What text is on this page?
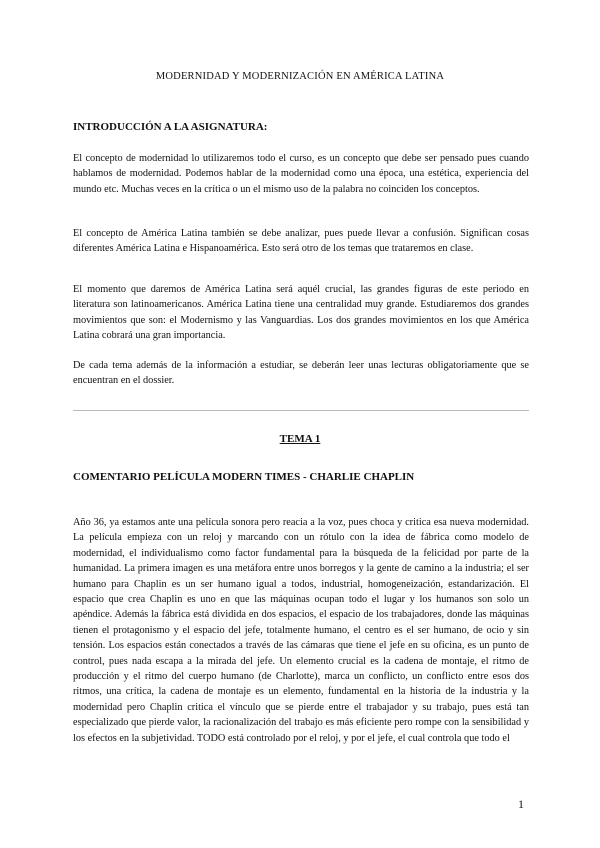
MODERNIDAD Y MODERNIZACIÓN EN AMÉRICA LATINA
INTRODUCCIÓN A LA ASIGNATURA:

El concepto de modernidad lo utilizaremos todo el curso, es un concepto que debe ser pensado pues cuando hablamos de modernidad. Podemos hablar de la modernidad como una época, una estética, experiencia del mundo etc. Muchas veces en la crítica o un el mismo uso de la palabra no coinciden los conceptos.

El concepto de América Latina también se debe analizar, pues puede llevar a confusión. Significan cosas diferentes América Latina e Hispanoamérica. Esto será otro de los temas que trataremos en clase.

El momento que daremos de América Latina será aquél crucial, las grandes figuras de este periodo en literatura son latinoamericanos. América Latina tiene una centralidad muy grande. Estudiaremos dos grandes movimientos que son: el Modernismo y las Vanguardias. Los dos grandes movimientos en los que América Latina cobrará una gran importancia.

De cada tema además de la información a estudiar, se deberán leer unas lecturas obligatoriamente que se encuentran en el dossier.

TEMA 1
COMENTARIO PELÍCULA MODERN TIMES - CHARLIE CHAPLIN

Año 36, ya estamos ante una película sonora pero reacia a la voz, pues choca y critica esa nueva modernidad. La película empieza con un reloj y marcando con un rótulo con la idea de fábrica como modelo de modernidad, el individualismo como factor fundamental para la búsqueda de la felicidad por parte de la humanidad. La primera imagen es una metáfora entre unos borregos y la gente de camino a la industria; el ser humano para Chaplin es un ser humano igual a todos, industrial, homogeneización, estandarización. El espacio que crea Chaplin es uno en que las máquinas ocupan todo el lugar y los humanos son solo un apéndice. Además la fábrica está dividida en dos espacios, el espacio de los trabajadores, donde las máquinas tienen el protagonismo y el espacio del jefe, totalmente humano, el centro es el ser humano, de ocio y sin tensión. Los espacios están conectados a través de las cámaras que tiene el jefe en su oficina, es un punto de control, pues nada escapa a la mirada del jefe. Un elemento crucial es la cadena de montaje, el ritmo de producción y el ritmo del cuerpo humano (de Charlotte), marca un conflicto, un conflicto entre esos dos ritmos, una crítica, la cadena de montaje es un elemento, fundamental en la historia de la industria y la modernidad pero Chaplin critica el vínculo que se pierde entre el trabajador y su trabajo, pues está tan especializado que pierde valor, la racionalización del trabajo es más eficiente pero rompe con la sensibilidad y los efectos en la subjetividad. TODO está controlado por el reloj, y por el jefe, el cual controla que todo el

1
